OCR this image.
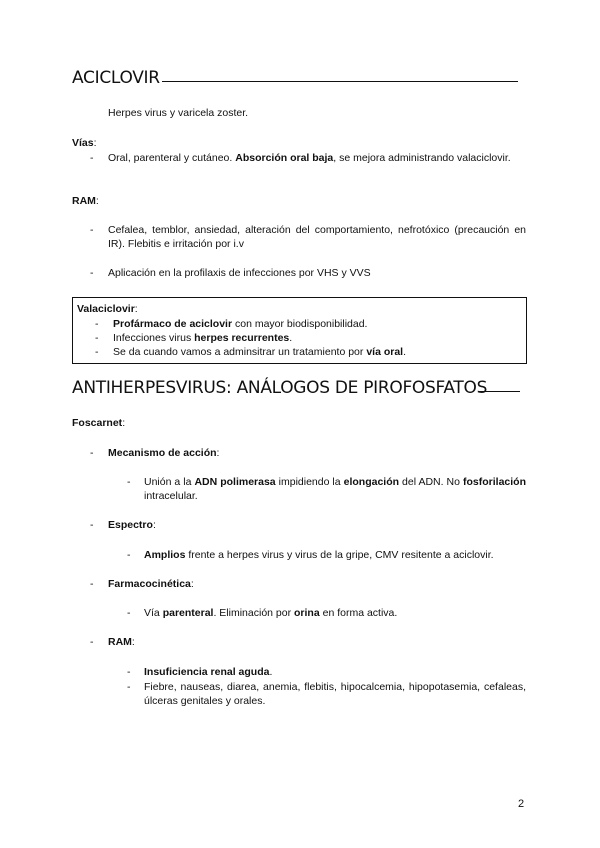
ACICLOVIR
Herpes virus y varicela zoster.
Vías:
-	Oral, parenteral y cutáneo. Absorción oral baja, se mejora administrando valaciclovir.
RAM:
-	Cefalea, temblor, ansiedad, alteración del comportamiento, nefrotóxico (precaución en IR). Flebitis e irritación por i.v
-	Aplicación en la profilaxis de infecciones por VHS y VVS
Valaciclovir:
-	Profármaco de aciclovir con mayor biodisponibilidad.
-	Infecciones virus herpes recurrentes.
-	Se da cuando vamos a adminsitrar un tratamiento por vía oral.
ANTIHERPESVIRUS: ANÁLOGOS DE PIROFOSFATOS
Foscarnet:
-	Mecanismo de acción:
-	Unión a la ADN polimerasa impidiendo la elongación del ADN. No fosforilación intracelular.
-	Espectro:
-	Amplios frente a herpes virus y virus de la gripe, CMV resitente a aciclovir.
-	Farmacocinética:
-	Vía parenteral. Eliminación por orina en forma activa.
-	RAM:
-	Insuficiencia renal aguda.
-	Fiebre, nauseas, diarea, anemia, flebitis, hipocalcemia, hipopotasemia, cefaleas, úlceras genitales y orales.
2
